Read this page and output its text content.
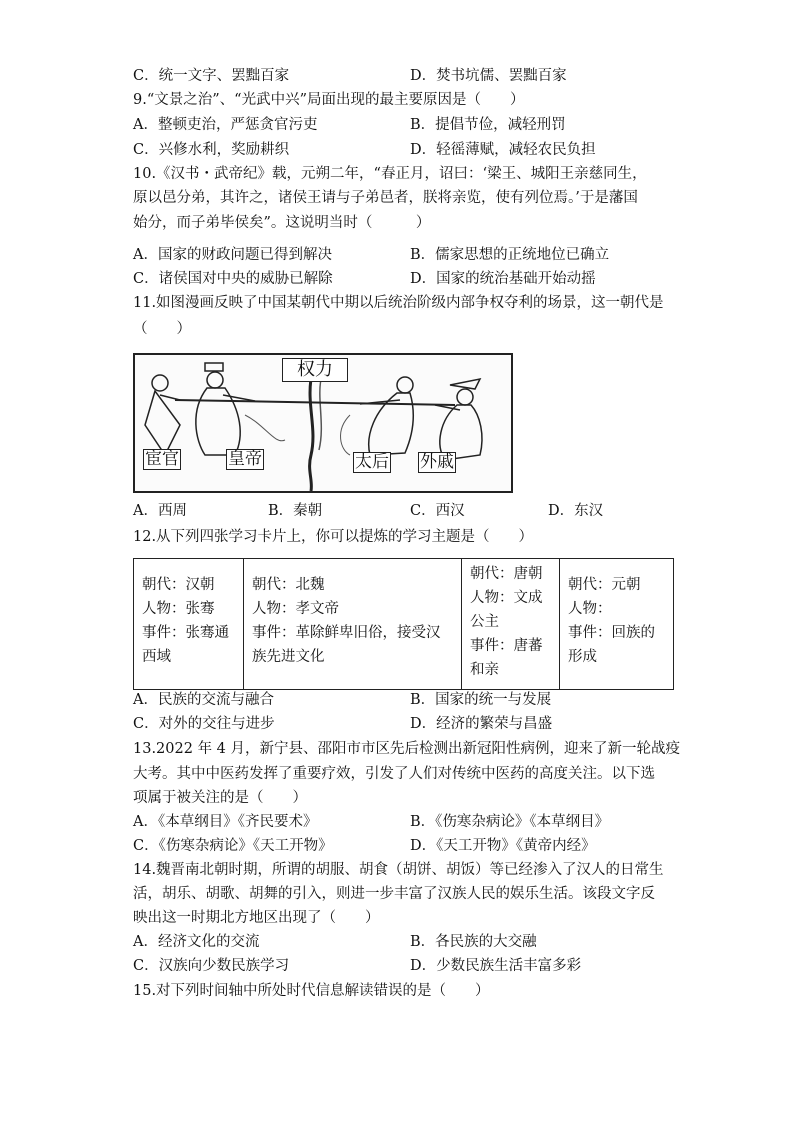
C．统一文字、罢黜百家	D．焚书坑儒、罢黜百家
9.“文景之治”、“光武中兴”局面出现的最主要原因是（　　）
A．整顿吏治，严惩贪官污吏	B．提倡节俭，减轻刑罚
C．兴修水利，奖励耕织	D．轻徭薄赋，减轻农民负担
10.《汉书・武帝纪》载，元朔二年，“春正月，诏曰：‘梁王、城阳王亲慈同生，
原以邑分弟，其许之，诸侯王请与子弟邑者，朕将亲览，使有列位焉。’于是藩国
始分，而子弟毕侯矣”。这说明当时（　　　）
A．国家的财政问题已得到解决	B．儒家思想的正统地位已确立
C．诸侯国对中央的威胁已解除	D．国家的统治基础开始动摇
11.如图漫画反映了中国某朝代中期以后统治阶级内部争权夺利的场景，这一朝代是
（　　）
权力
宦官	皇帝	太后 外戚
A．西周	B．秦朝	C．西汉	D．东汉
12.从下列四张学习卡片上，你可以提炼的学习主题是（　　）
朝代：汉朝
人物：张骞
事件：张骞通西域

朝代：北魏
人物：孝文帝
事件：革除鲜卑旧俗，接受汉族先进文化

朝代：唐朝
人物：文成公主
事件：唐蕃和亲

朝代：元朝
人物：
事件：回族的形成
A．民族的交流与融合	B．国家的统一与发展
C．对外的交往与进步	D．经济的繁荣与昌盛
13.2022 年 4 月，新宁县、邵阳市市区先后检测出新冠阳性病例，迎来了新一轮战疫
大考。其中中医药发挥了重要疗效，引发了人们对传统中医药的高度关注。以下选
项属于被关注的是（　　）
A．《本草纲目》《齐民要术》	B．《伤寒杂病论》《本草纲目》
C．《伤寒杂病论》《天工开物》	D．《天工开物》《黄帝内经》
14.魏晋南北朝时期，所谓的胡服、胡食（胡饼、胡饭）等已经渗入了汉人的日常生
活，胡乐、胡歌、胡舞的引入，则进一步丰富了汉族人民的娱乐生活。该段文字反
映出这一时期北方地区出现了（　　）
A．经济文化的交流	B．各民族的大交融
C．汉族向少数民族学习	D．少数民族生活丰富多彩
15.对下列时间轴中所处时代信息解读错误的是（　　）
